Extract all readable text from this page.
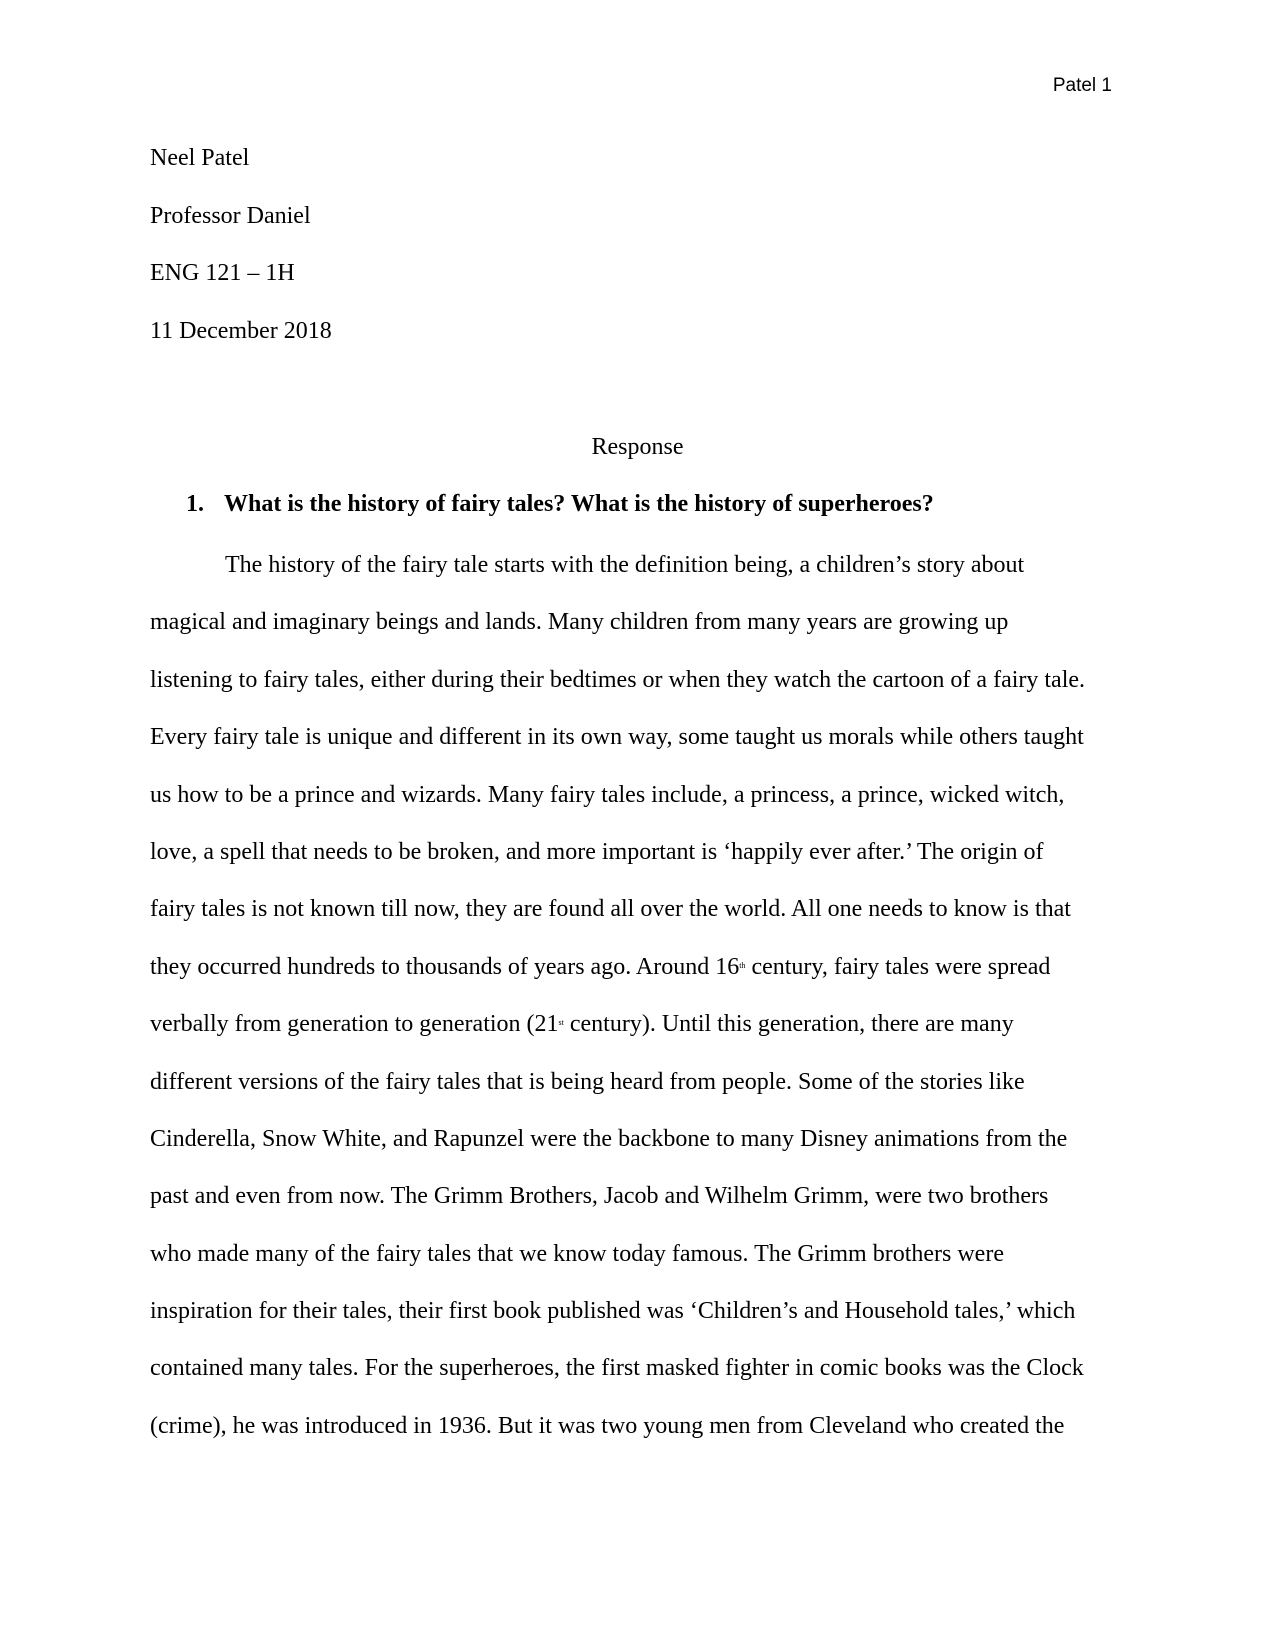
Patel 1
Neel Patel
Professor Daniel
ENG 121 – 1H
11 December 2018
Response
1. What is the history of fairy tales? What is the history of superheroes?
The history of the fairy tale starts with the definition being, a children’s story about
magical and imaginary beings and lands. Many children from many years are growing up
listening to fairy tales, either during their bedtimes or when they watch the cartoon of a fairy tale.
Every fairy tale is unique and different in its own way, some taught us morals while others taught
us how to be a prince and wizards. Many fairy tales include, a princess, a prince, wicked witch,
love, a spell that needs to be broken, and more important is ‘happily ever after.’ The origin of
fairy tales is not known till now, they are found all over the world. All one needs to know is that
they occurred hundreds to thousands of years ago. Around 16th century, fairy tales were spread
verbally from generation to generation (21st century). Until this generation, there are many
different versions of the fairy tales that is being heard from people. Some of the stories like
Cinderella, Snow White, and Rapunzel were the backbone to many Disney animations from the
past and even from now. The Grimm Brothers, Jacob and Wilhelm Grimm, were two brothers
who made many of the fairy tales that we know today famous. The Grimm brothers were
inspiration for their tales, their first book published was ‘Children’s and Household tales,’ which
contained many tales. For the superheroes, the first masked fighter in comic books was the Clock
(crime), he was introduced in 1936. But it was two young men from Cleveland who created the
